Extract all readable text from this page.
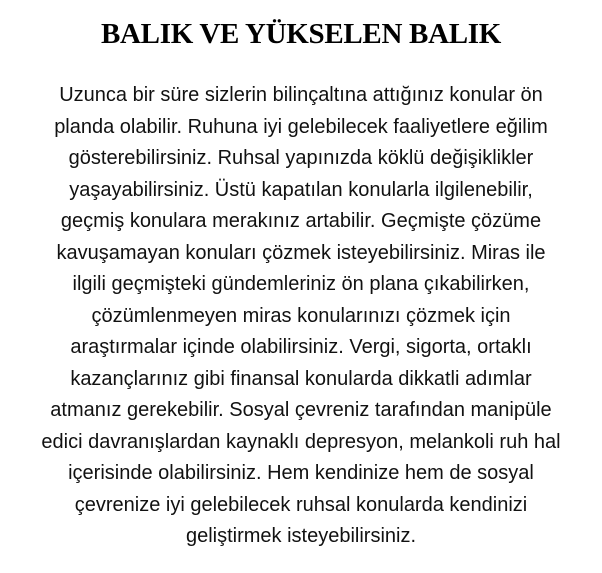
BALIK VE YÜKSELEN BALIK
Uzunca bir süre sizlerin bilinçaltına attığınız konular ön
planda olabilir. Ruhuna iyi gelebilecek faaliyetlere eğilim
gösterebilirsiniz. Ruhsal yapınızda köklü değişiklikler
yaşayabilirsiniz. Üstü kapatılan konularla ilgilenebilir,
geçmiş konulara merakınız artabilir. Geçmişte çözüme
kavuşamayan konuları çözmek isteyebilirsiniz. Miras ile
ilgili geçmişteki gündemleriniz ön plana çıkabilirken,
çözümlenmeyen miras konularınızı çözmek için
araştırmalar içinde olabilirsiniz. Vergi, sigorta, ortaklı
kazançlarınız gibi finansal konularda dikkatli adımlar
atmanız gerekebilir. Sosyal çevreniz tarafından manipüle
edici davranışlardan kaynaklı depresyon, melankoli ruh hal
içerisinde olabilirsiniz. Hem kendinize hem de sosyal
çevrenize iyi gelebilecek ruhsal konularda kendinizi
geliştirmek isteyebilirsiniz.
